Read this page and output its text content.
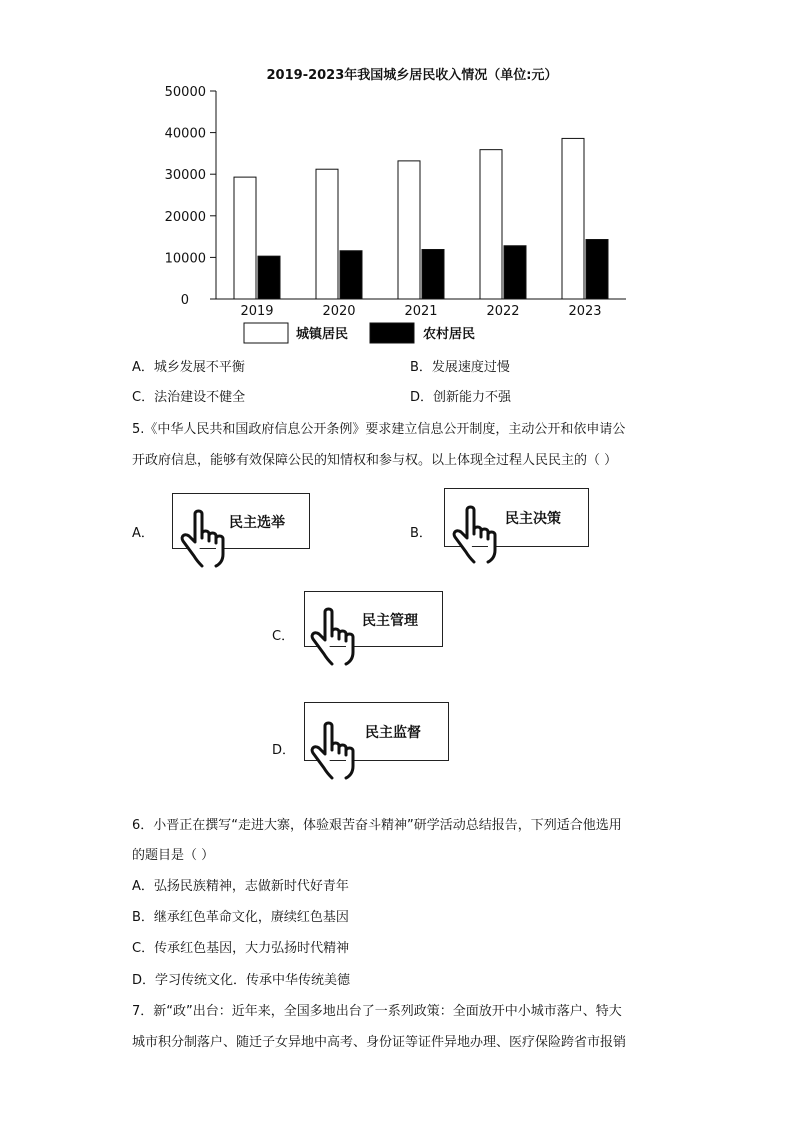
2019-2023年我国城乡居民收入情况（单位:元）
0
10000
20000
30000
40000
50000
2019	2020	2021	2022	2023
城镇居民	农村居民
A．城乡发展不平衡	B．发展速度过慢
C．法治建设不健全	D．创新能力不强
5.《中华人民共和国政府信息公开条例》要求建立信息公开制度，主动公开和依申请公
开政府信息，能够有效保障公民的知情权和参与权。以上体现全过程人民民主的（ ）
A．
民主选举
B．
民主决策
C．
民主管理
D．
民主监督
6．小晋正在撰写“走进大寨，体验艰苦奋斗精神”研学活动总结报告，下列适合他选用
的题目是（ ）
A．弘扬民族精神，志做新时代好青年
B．继承红色革命文化，赓续红色基因
C．传承红色基因，大力弘扬时代精神
D．学习传统文化．传承中华传统美德
7．新“政”出台：近年来，全国多地出台了一系列政策：全面放开中小城市落户、特大
城市积分制落户、随迁子女异地中高考、身份证等证件异地办理、医疗保险跨省市报销
